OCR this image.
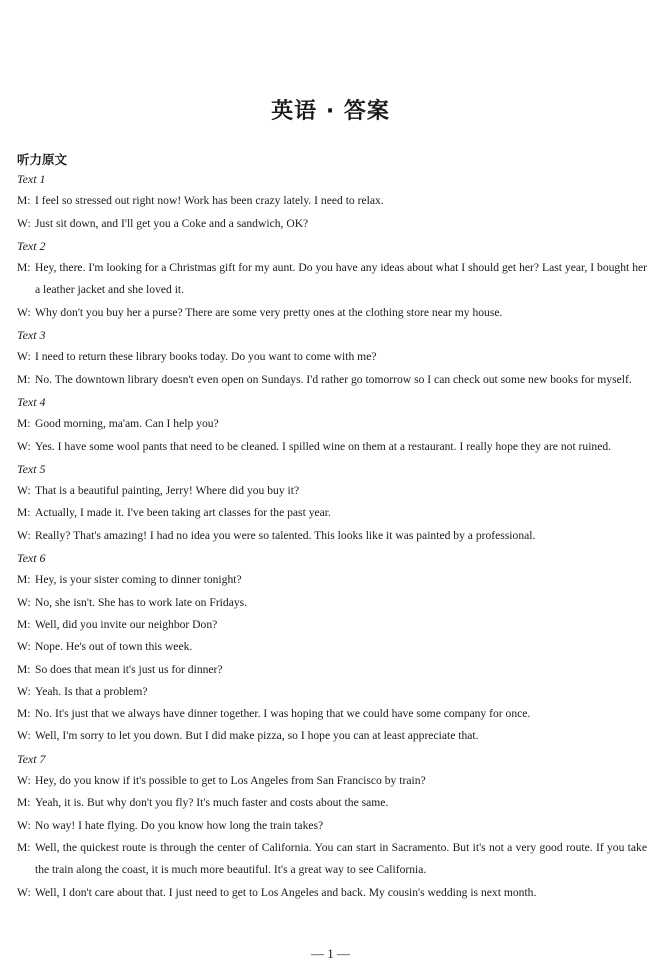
英语 · 答案
听力原文
Text 1
M: I feel so stressed out right now! Work has been crazy lately. I need to relax.
W: Just sit down, and I'll get you a Coke and a sandwich, OK?
Text 2
M: Hey, there. I'm looking for a Christmas gift for my aunt. Do you have any ideas about what I should get her? Last year, I bought her a leather jacket and she loved it.
W: Why don't you buy her a purse? There are some very pretty ones at the clothing store near my house.
Text 3
W: I need to return these library books today. Do you want to come with me?
M: No. The downtown library doesn't even open on Sundays. I'd rather go tomorrow so I can check out some new books for myself.
Text 4
M: Good morning, ma'am. Can I help you?
W: Yes. I have some wool pants that need to be cleaned. I spilled wine on them at a restaurant. I really hope they are not ruined.
Text 5
W: That is a beautiful painting, Jerry! Where did you buy it?
M: Actually, I made it. I've been taking art classes for the past year.
W: Really? That's amazing! I had no idea you were so talented. This looks like it was painted by a professional.
Text 6
M: Hey, is your sister coming to dinner tonight?
W: No, she isn't. She has to work late on Fridays.
M: Well, did you invite our neighbor Don?
W: Nope. He's out of town this week.
M: So does that mean it's just us for dinner?
W: Yeah. Is that a problem?
M: No. It's just that we always have dinner together. I was hoping that we could have some company for once.
W: Well, I'm sorry to let you down. But I did make pizza, so I hope you can at least appreciate that.
Text 7
W: Hey, do you know if it's possible to get to Los Angeles from San Francisco by train?
M: Yeah, it is. But why don't you fly? It's much faster and costs about the same.
W: No way! I hate flying. Do you know how long the train takes?
M: Well, the quickest route is through the center of California. You can start in Sacramento. But it's not a very good route. If you take the train along the coast, it is much more beautiful. It's a great way to see California.
W: Well, I don't care about that. I just need to get to Los Angeles and back. My cousin's wedding is next month.
— 1 —
